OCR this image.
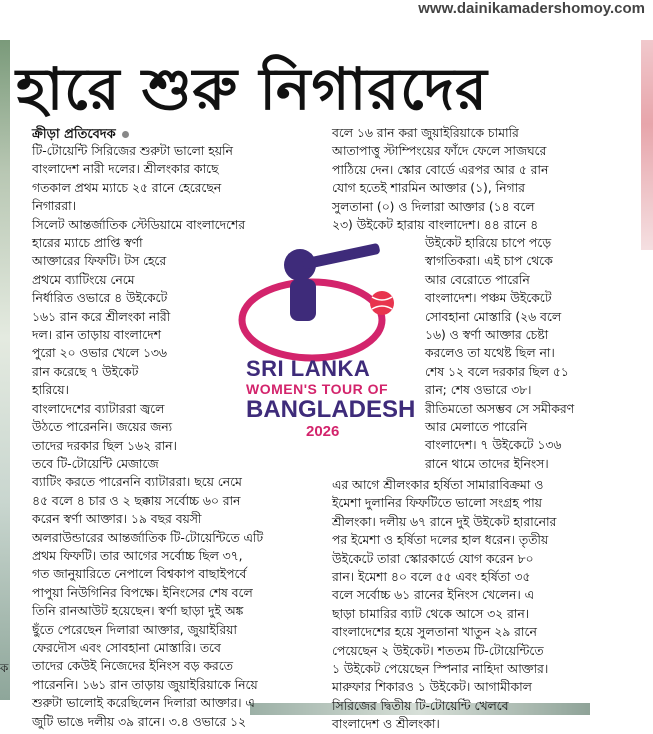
www.dainikamadershomoy.com
ক
হারে শুরু নিগারদের
ক্রীড়া প্রতিবেদক
টি-টোয়েন্টি সিরিজের শুরুটা ভালো হয়নি
বাংলাদেশ নারী দলের। শ্রীলংকার কাছে
গতকাল প্রথম ম্যাচে ২৫ রানে হেরেছেন
নিগাররা।
সিলেট আন্তর্জাতিক স্টেডিয়ামে বাংলাদেশের
হারের ম্যাচে প্রাপ্তি স্বর্ণা
আক্তারের ফিফটি। টস হেরে
প্রথমে ব্যাটিংয়ে নেমে
নির্ধারিত ওভারে ৪ উইকেটে
১৬১ রান করে শ্রীলংকা নারী
দল। রান তাড়ায় বাংলাদেশ
পুরো ২০ ওভার খেলে ১৩৬
রান করেছে ৭ উইকেট
হারিয়ে।
বাংলাদেশের ব্যাটাররা জ্বলে
উঠতে পারেননি। জয়ের জন্য
তাদের দরকার ছিল ১৬২ রান।
তবে টি-টোয়েন্টি মেজাজে
ব্যাটিং করতে পারেননি ব্যাটাররা। ছয়ে নেমে
৪৫ বলে ৪ চার ও ২ ছক্কায় সর্বোচ্চ ৬০ রান
করেন স্বর্ণা আক্তার। ১৯ বছর বয়সী
অলরাউন্ডারের আন্তর্জাতিক টি-টোয়েন্টিতে এটি
প্রথম ফিফটি। তার আগের সর্বোচ্চ ছিল ৩৭,
গত জানুয়ারিতে নেপালে বিশ্বকাপ বাছাইপর্বে
পাপুয়া নিউগিনির বিপক্ষে। ইনিংসের শেষ বলে
তিনি রানআউট হয়েছেন। স্বর্ণা ছাড়া দুই অঙ্ক
ছুঁতে পেরেছেন দিলারা আক্তার, জুয়াইরিয়া
ফেরদৌস এবং সোবহানা মোস্তারি। তবে
তাদের কেউই নিজেদের ইনিংস বড় করতে
পারেননি। ১৬১ রান তাড়ায় জুয়াইরিয়াকে নিয়ে
শুরুটা ভালোই করেছিলেন দিলারা আক্তার। এ
জুটি ভাঙে দলীয় ৩৯ রানে। ৩.৪ ওভারে ১২
বলে ১৬ রান করা জুয়াইরিয়াকে চামারি
আতাপাত্তু স্টাম্পিংয়ের ফাঁদে ফেলে সাজঘরে
পাঠিয়ে দেন। স্কোর বোর্ডে এরপর আর ৫ রান
যোগ হতেই শারমিন আক্তার (১), নিগার
সুলতানা (০) ও দিলারা আক্তার (১৪ বলে
২৩) উইকেট হারায় বাংলাদেশ। ৪৪ রানে ৪
উইকেট হারিয়ে চাপে পড়ে
স্বাগতিকরা। এই চাপ থেকে
আর বেরোতে পারেনি
বাংলাদেশ। পঞ্চম উইকেটে
সোবহানা মোস্তারি (২৬ বলে
১৬) ও স্বর্ণা আক্তার চেষ্টা
করলেও তা যথেষ্ট ছিল না।
শেষ ১২ বলে দরকার ছিল ৫১
রান; শেষ ওভারে ৩৮।
রীতিমতো অসম্ভব সে সমীকরণ
আর মেলাতে পারেনি
বাংলাদেশ। ৭ উইকেটে ১৩৬
রানে থামে তাদের ইনিংস।
এর আগে শ্রীলংকার হর্ষিতা সামারাবিক্রমা ও
ইমেশা দুলানির ফিফটিতে ভালো সংগ্রহ পায়
শ্রীলংকা। দলীয় ৬৭ রানে দুই উইকেট হারানোর
পর ইমেশা ও হর্ষিতা দলের হাল ধরেন। তৃতীয়
উইকেটে তারা স্কোরকার্ডে যোগ করেন ৮০
রান। ইমেশা ৪০ বলে ৫৫ এবং হর্ষিতা ৩৫
বলে সর্বোচ্চ ৬১ রানের ইনিংস খেলেন। এ
ছাড়া চামারির ব্যাট থেকে আসে ৩২ রান।
বাংলাদেশের হয়ে সুলতানা খাতুন ২৯ রানে
পেয়েছেন ২ উইকেট। শততম টি-টোয়েন্টিতে
১ উইকেট পেয়েছেন স্পিনার নাহিদা আক্তার।
মারুফার শিকারও ১ উইকেট। আগামীকাল
সিরিজের দ্বিতীয় টি-টোয়েন্টি খেলবে
বাংলাদেশ ও শ্রীলংকা।
SRI LANKA
WOMEN'S TOUR OF
BANGLADESH
2026
